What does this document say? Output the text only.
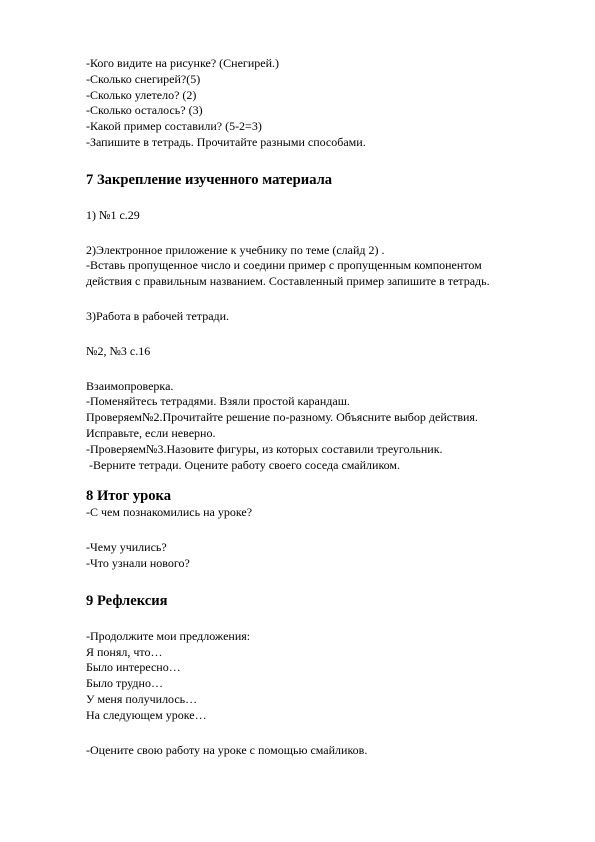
-Кого видите на рисунке? (Снегирей.)
-Сколько снегирей?(5)
-Сколько улетело? (2)
-Сколько осталось? (3)
-Какой пример составили? (5-2=3)
-Запишите в тетрадь. Прочитайте разными способами.
7 Закрепление изученного материала
1) №1 с.29
2)Электронное приложение к учебнику по теме (слайд 2) .
-Вставь пропущенное число и соедини пример с пропущенным компонентом
действия с правильным названием. Составленный пример запишите в тетрадь.
3)Работа в рабочей тетради.
№2, №3 с.16
Взаимопроверка.
-Поменяйтесь тетрадями. Взяли простой карандаш.
Проверяем№2.Прочитайте решение по-разному. Объясните выбор действия.
Исправьте, если неверно.
-Проверяем№3.Назовите фигуры, из которых составили треугольник.
-Верните тетради. Оцените работу своего соседа смайликом.
8 Итог урока
-С чем познакомились на уроке?
-Чему учились?
-Что узнали нового?
9 Рефлексия
-Продолжите мои предложения:
Я понял, что…
Было интересно…
Было трудно…
У меня получилось…
На следующем уроке…
-Оцените свою работу на уроке с помощью смайликов.
